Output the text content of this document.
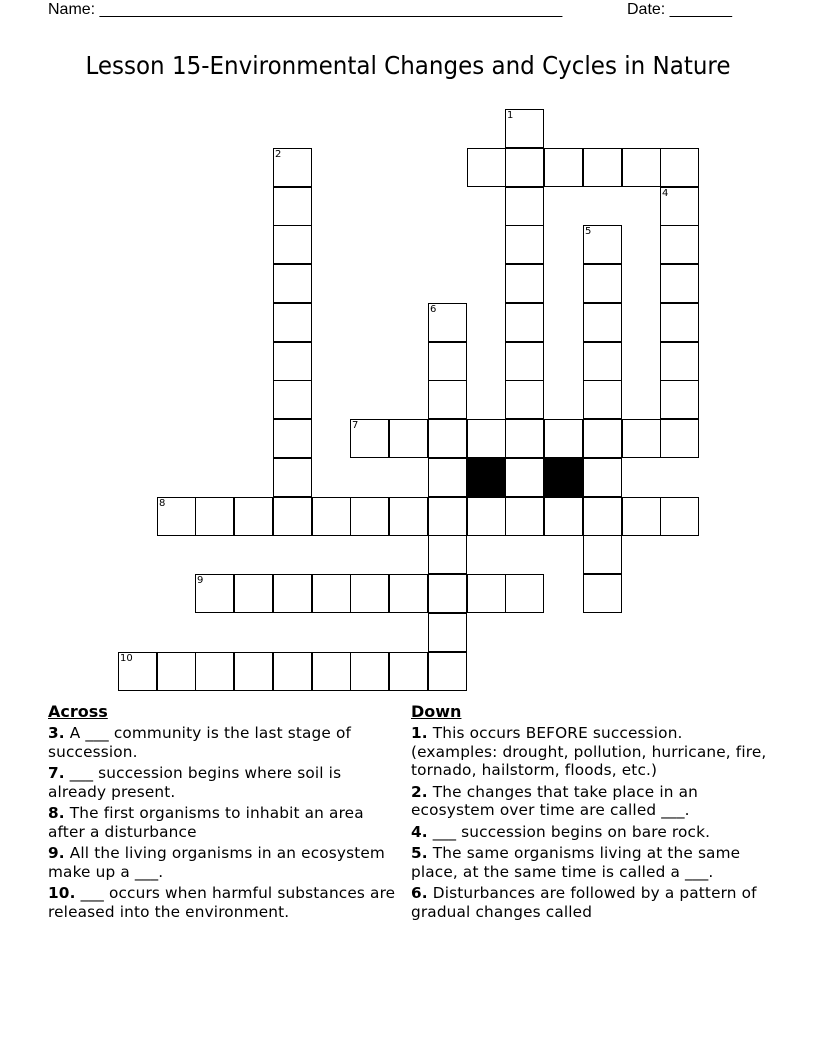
Name: ____________________________________________________	Date: _______
Lesson 15-Environmental Changes and Cycles in Nature
1
2
4
5
6
7
8
9
10
Across
3. A ___ community is the last stage of succession.
7. ___ succession begins where soil is already present.
8. The first organisms to inhabit an area after a disturbance
9. All the living organisms in an ecosystem make up a ___.
10. ___ occurs when harmful substances are released into the environment.
Down
1. This occurs BEFORE succession. (examples: drought, pollution, hurricane, fire, tornado, hailstorm, floods, etc.)
2. The changes that take place in an ecosystem over time are called ___.
4. ___ succession begins on bare rock.
5. The same organisms living at the same place, at the same time is called a ___.
6. Disturbances are followed by a pattern of gradual changes called
